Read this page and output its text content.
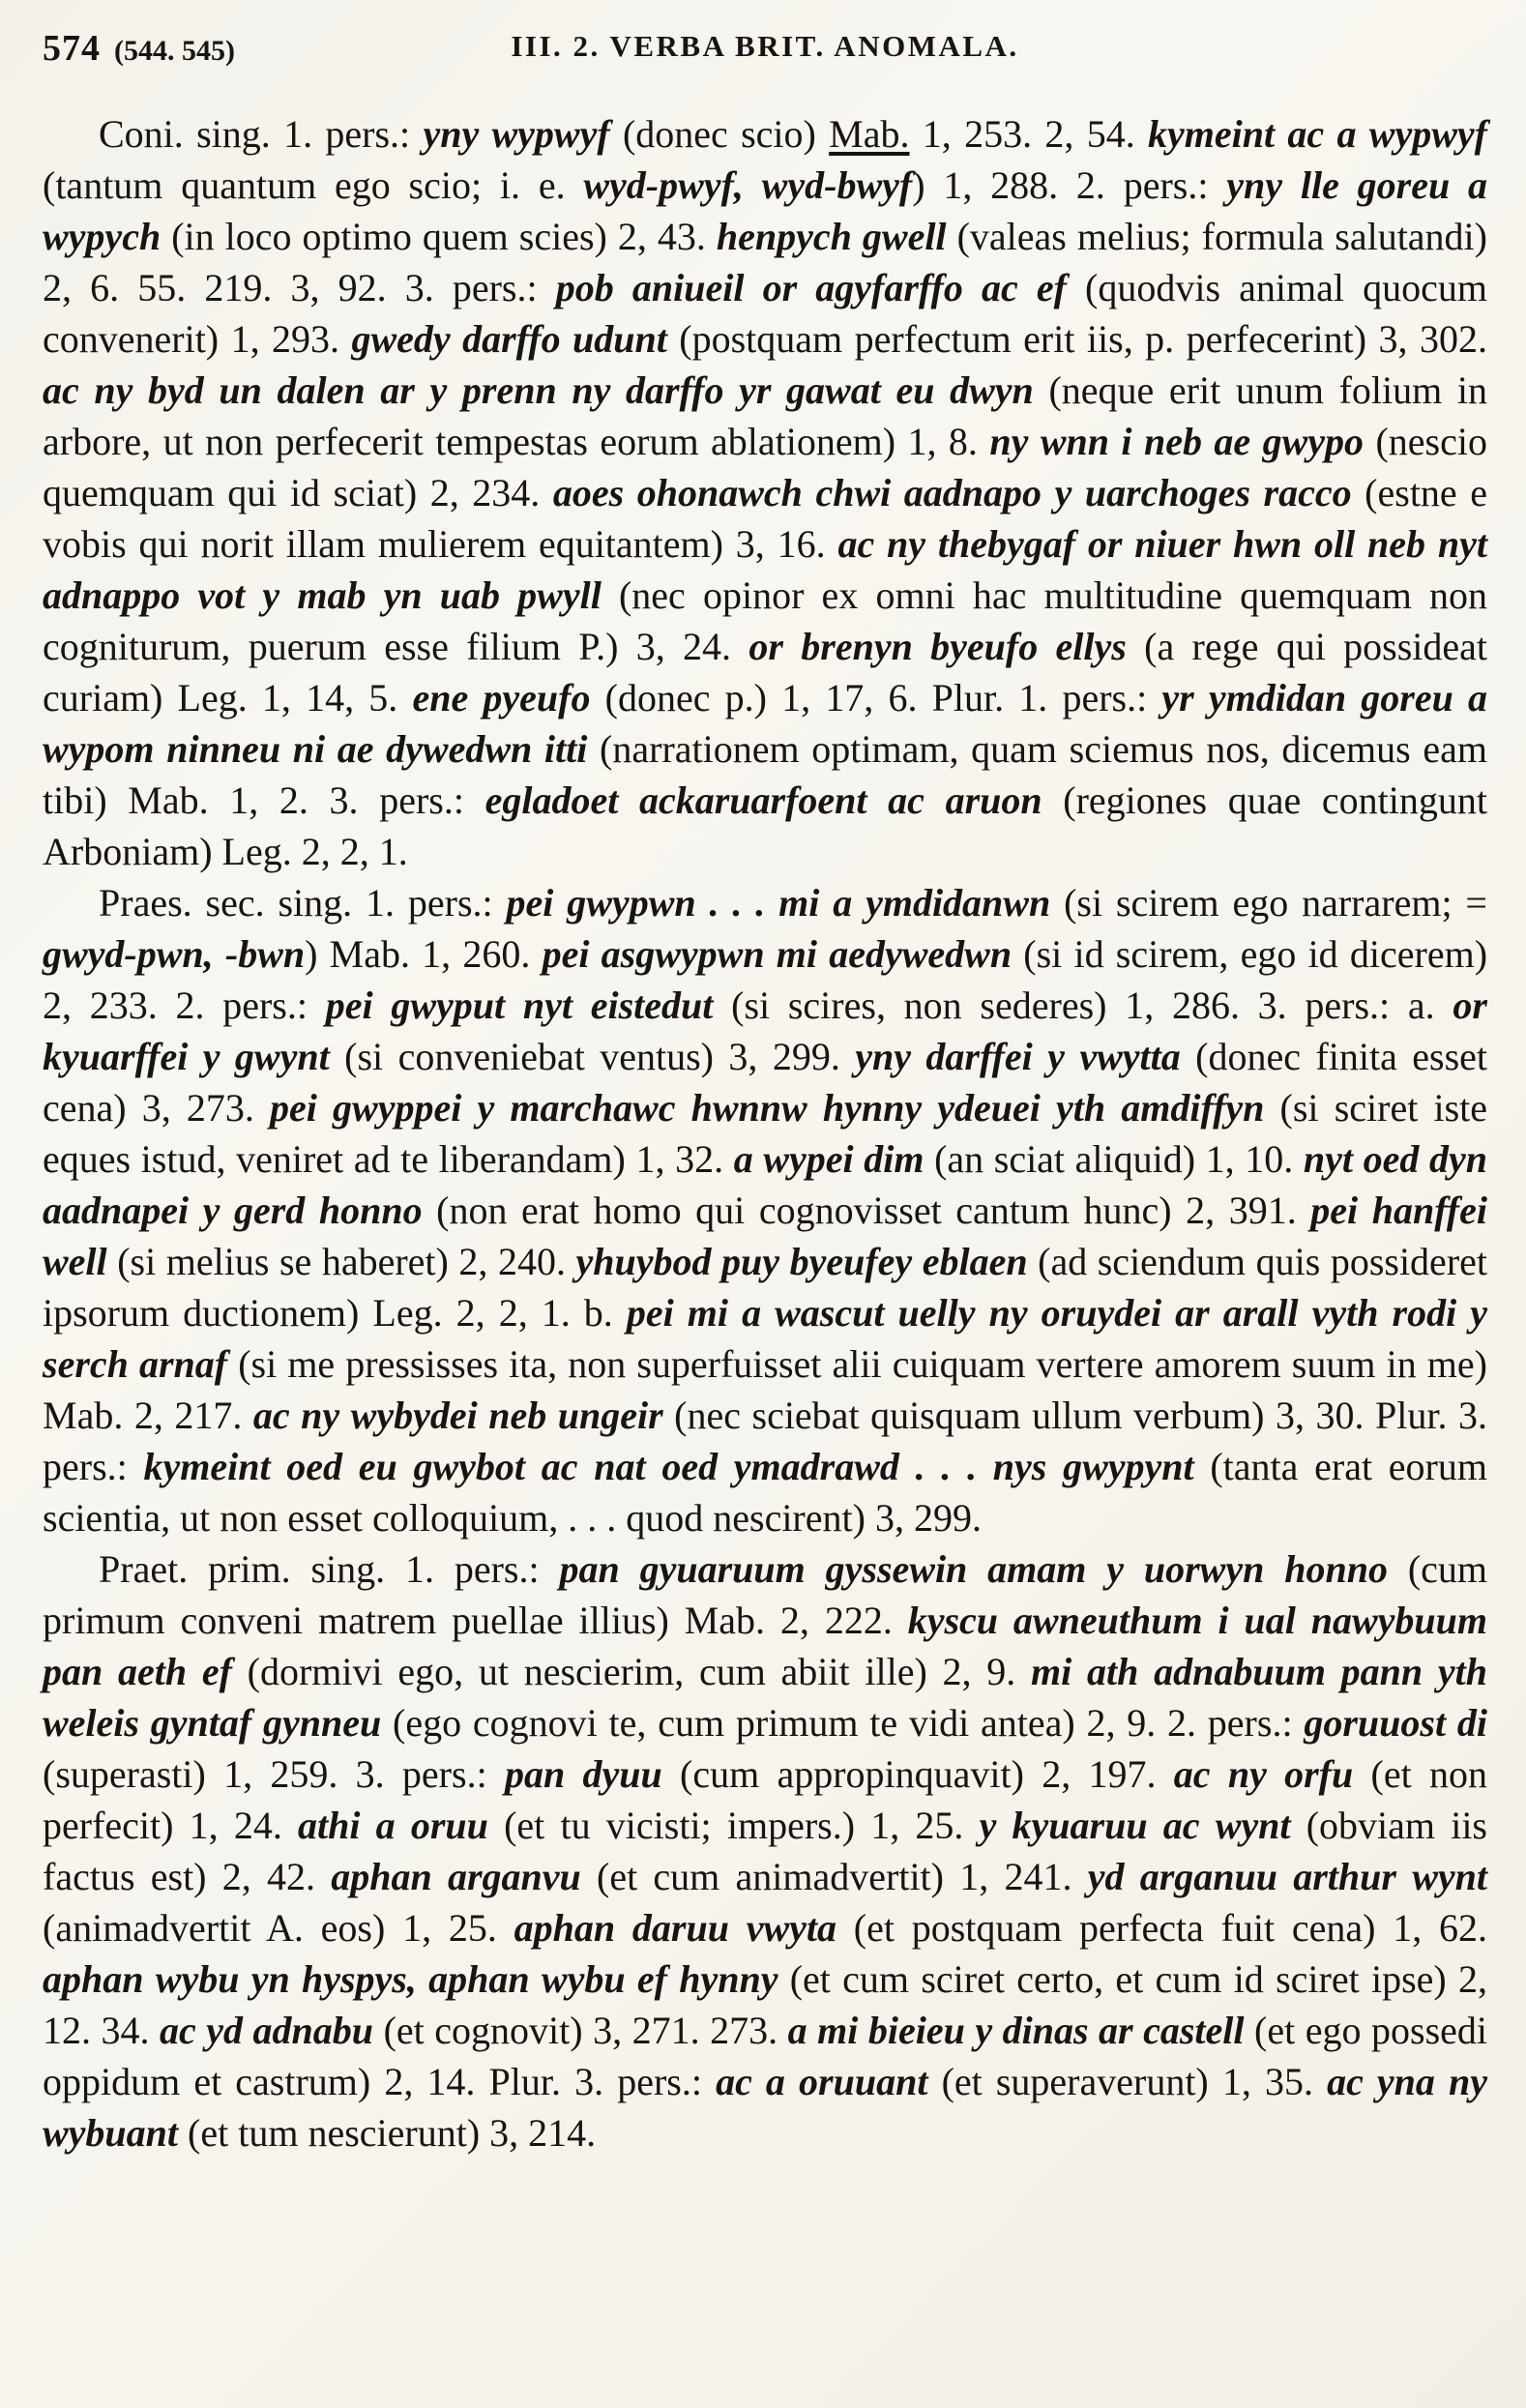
574 (544. 545)	III. 2. VERBA BRIT. ANOMALA.

Coni. sing. 1. pers.: yny wypwyf (donec scio) Mab. 1, 253. 2, 54. kymeint ac a wypwyf (tantum quantum ego scio; i. e. wyd-pwyf, wyd-bwyf) 1, 288. 2. pers.: yny lle goreu a wypych (in loco optimo quem scies) 2, 43. henpych gwell (valeas melius; formula salutandi) 2, 6. 55. 219. 3, 92. 3. pers.: pob aniueil or agyfarffo ac ef (quodvis animal quocum convenerit) 1, 293. gwedy darffo udunt (postquam perfectum erit iis, p. perfecerint) 3, 302. ac ny byd un dalen ar y prenn ny darffo yr gawat eu dwyn (neque erit unum folium in arbore, ut non perfecerit tempestas eorum ablationem) 1, 8. ny wnn i neb ae gwypo (nescio quemquam qui id sciat) 2, 234. aoes ohonawch chwi aadnapo y uarchoges racco (estne e vobis qui norit illam mulierem equitantem) 3, 16. ac ny thebygaf or niuer hwn oll neb nyt adnappo vot y mab yn uab pwyll (nec opinor ex omni hac multitudine quemquam non cogniturum, puerum esse filium P.) 3, 24. or brenyn byeufo ellys (a rege qui possideat curiam) Leg. 1, 14, 5. ene pyeufo (donec p.) 1, 17, 6. Plur. 1. pers.: yr ymdidan goreu a wypom ninneu ni ae dywedwn itti (narrationem optimam, quam sciemus nos, dicemus eam tibi) Mab. 1, 2. 3. pers.: egladoet ackaruarfoent ac aruon (regiones quae contingunt Arboniam) Leg. 2, 2, 1.

Praes. sec. sing. 1. pers.: pei gwypwn . . . mi a ymdidanwn (si scirem ego narrarem; = gwyd-pwn, -bwn) Mab. 1, 260. pei asgwypwn mi aedywedwn (si id scirem, ego id dicerem) 2, 233. 2. pers.: pei gwyput nyt eistedut (si scires, non sederes) 1, 286. 3. pers.: a. or kyuarffei y gwynt (si conveniebat ventus) 3, 299. yny darffei y vwytta (donec finita esset cena) 3, 273. pei gwyppei y marchawc hwnnw hynny ydeuei yth amdiffyn (si sciret iste eques istud, veniret ad te liberandam) 1, 32. a wypei dim (an sciat aliquid) 1, 10. nyt oed dyn aadnapei y gerd honno (non erat homo qui cognovisset cantum hunc) 2, 391. pei hanffei well (si melius se haberet) 2, 240. yhuybod puy byeufey eblaen (ad sciendum quis possideret ipsorum ductionem) Leg. 2, 2, 1. b. pei mi a wascut uelly ny oruydei ar arall vyth rodi y serch arnaf (si me pressisses ita, non superfuisset alii cuiquam vertere amorem suum in me) Mab. 2, 217. ac ny wybydei neb ungeir (nec sciebat quisquam ullum verbum) 3, 30. Plur. 3. pers.: kymeint oed eu gwybot ac nat oed ymadrawd . . . nys gwypynt (tanta erat eorum scientia, ut non esset colloquium, . . . quod nescirent) 3, 299.

Praet. prim. sing. 1. pers.: pan gyuaruum gyssewin amam y uorwyn honno (cum primum conveni matrem puellae illius) Mab. 2, 222. kyscu awneuthum i ual nawybuum pan aeth ef (dormivi ego, ut nescierim, cum abiit ille) 2, 9. mi ath adnabuum pann yth weleis gyntaf gynneu (ego cognovi te, cum primum te vidi antea) 2, 9. 2. pers.: goruuost di (superasti) 1, 259. 3. pers.: pan dyuu (cum appropinquavit) 2, 197. ac ny orfu (et non perfecit) 1, 24. athi a oruu (et tu vicisti; impers.) 1, 25. y kyuaruu ac wynt (obviam iis factus est) 2, 42. aphan arganvu (et cum animadvertit) 1, 241. yd arganuu arthur wynt (animadvertit A. eos) 1, 25. aphan daruu vwyta (et postquam perfecta fuit cena) 1, 62. aphan wybu yn hyspys, aphan wybu ef hynny (et cum sciret certo, et cum id sciret ipse) 2, 12. 34. ac yd adnabu (et cognovit) 3, 271. 273. a mi bieieu y dinas ar castell (et ego possedi oppidum et castrum) 2, 14. Plur. 3. pers.: ac a oruuant (et superaverunt) 1, 35. ac yna ny wybuant (et tum nescierunt) 3, 214.
